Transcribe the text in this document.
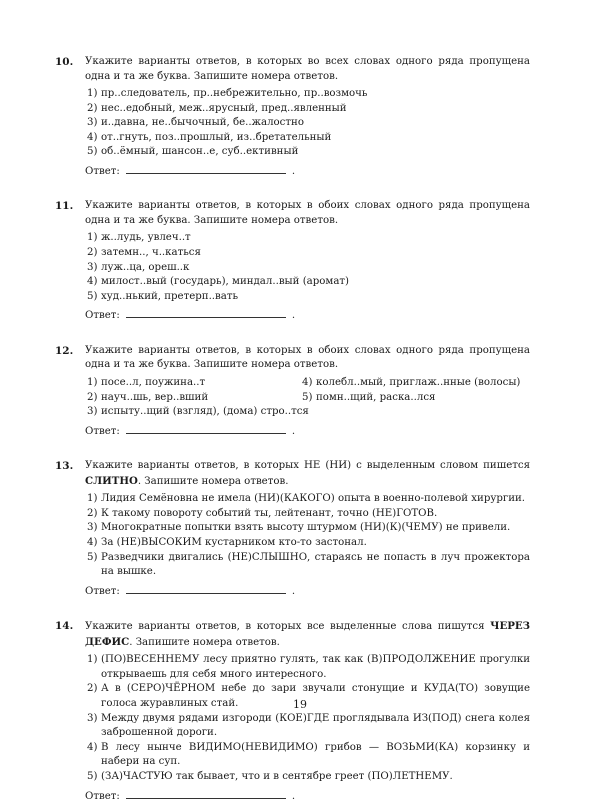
10. Укажите варианты ответов, в которых во всех словах одного ряда пропущена одна и та же буква. Запишите номера ответов.

1) пр..следователь, пр..небрежительно, пр..возмочь
2) нес..едобный, меж..ярусный, пред..явленный
3) и..давна, не..бычочный, бе..жалостно
4) от..гнуть, поз..прошлый, из..бретательный
5) об..ёмный, шансон..е, суб..ективный
Ответ:	.
11. Укажите варианты ответов, в которых в обоих словах одного ряда пропущена одна и та же буква. Запишите номера ответов.

1) ж..лудь, увлеч..т
2) затемн.., ч..каться
3) луж..ца, ореш..к
4) милост..вый (государь), миндал..вый (аромат)
5) худ..нький, претерп..вать
Ответ:	.
12. Укажите варианты ответов, в которых в обоих словах одного ряда пропущена одна и та же буква. Запишите номера ответов.

1) посе..л, поужина..т	4) колебл..мый, приглаж..нные (волосы)
2) науч..шь, вер..вший	5) помн..щий, раска..лся
3) испыту..щий (взгляд), (дома) стро..тся
Ответ:	.
13. Укажите варианты ответов, в которых НЕ (НИ) с выделенным словом пишется СЛИТНО. Запишите номера ответов.

1) Лидия Семёновна не имела (НИ)(КАКОГО) опыта в военно-полевой хирургии.
2) К такому повороту событий ты, лейтенант, точно (НЕ)ГОТОВ.
3) Многократные попытки взять высоту штурмом (НИ)(К)(ЧЕМУ) не привели.
4) За (НЕ)ВЫСОКИМ кустарником кто-то застонал.
5) Разведчики двигались (НЕ)СЛЫШНО, стараясь не попасть в луч прожектора на вышке.
Ответ:	.
14. Укажите варианты ответов, в которых все выделенные слова пишутся ЧЕРЕЗ ДЕФИС. Запишите номера ответов.

1) (ПО)ВЕСЕННЕМУ лесу приятно гулять, так как (В)ПРОДОЛЖЕНИЕ прогулки открываешь для себя много интересного.
2) А в (СЕРО)ЧЁРНОМ небе до зари звучали стонущие и КУДА(ТО) зовущие голоса журавлиных стай.
3) Между двумя рядами изгороди (КОЕ)ГДЕ проглядывала ИЗ(ПОД) снега колея заброшенной дороги.
4) В лесу нынче ВИДИМО(НЕВИДИМО) грибов — ВОЗЬМИ(КА) корзинку и набери на суп.
5) (ЗА)ЧАСТУЮ так бывает, что и в сентябре греет (ПО)ЛЕТНЕМУ.
Ответ:	.
19
